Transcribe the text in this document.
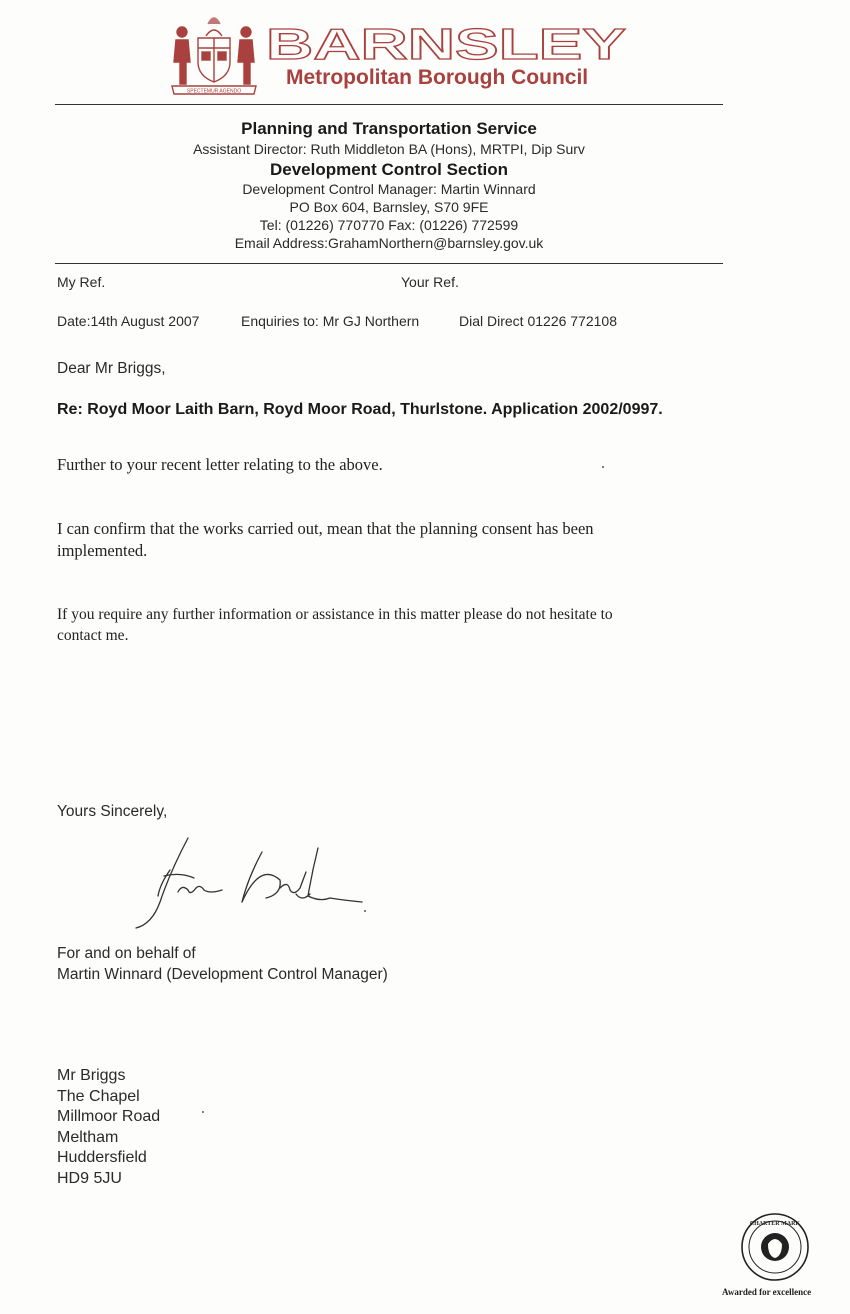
SPECTEMUR AGENDO
BARNSLEY
Metropolitan Borough Council
Planning and Transportation Service
Assistant Director: Ruth Middleton BA (Hons), MRTPI, Dip Surv
Development Control Section
Development Control Manager: Martin Winnard
PO Box 604, Barnsley, S70 9FE
Tel: (01226) 770770 Fax: (01226) 772599
Email Address:GrahamNorthern@barnsley.gov.uk
My Ref.	Your Ref.
Date:14th August 2007	Enquiries to: Mr GJ Northern	Dial Direct 01226 772108
Dear Mr Briggs,
Re: Royd Moor Laith Barn, Royd Moor Road, Thurlstone. Application 2002/0997.
Further to your recent letter relating to the above.
I can confirm that the works carried out, mean that the planning consent has been
implemented.
If you require any further information or assistance in this matter please do not hesitate to
contact me.
Yours Sincerely,
For and on behalf of
Martin Winnard (Development Control Manager)
Mr Briggs
The Chapel
Millmoor Road
Meltham
Huddersfield
HD9 5JU
CHARTER MARK
Awarded for excellence
